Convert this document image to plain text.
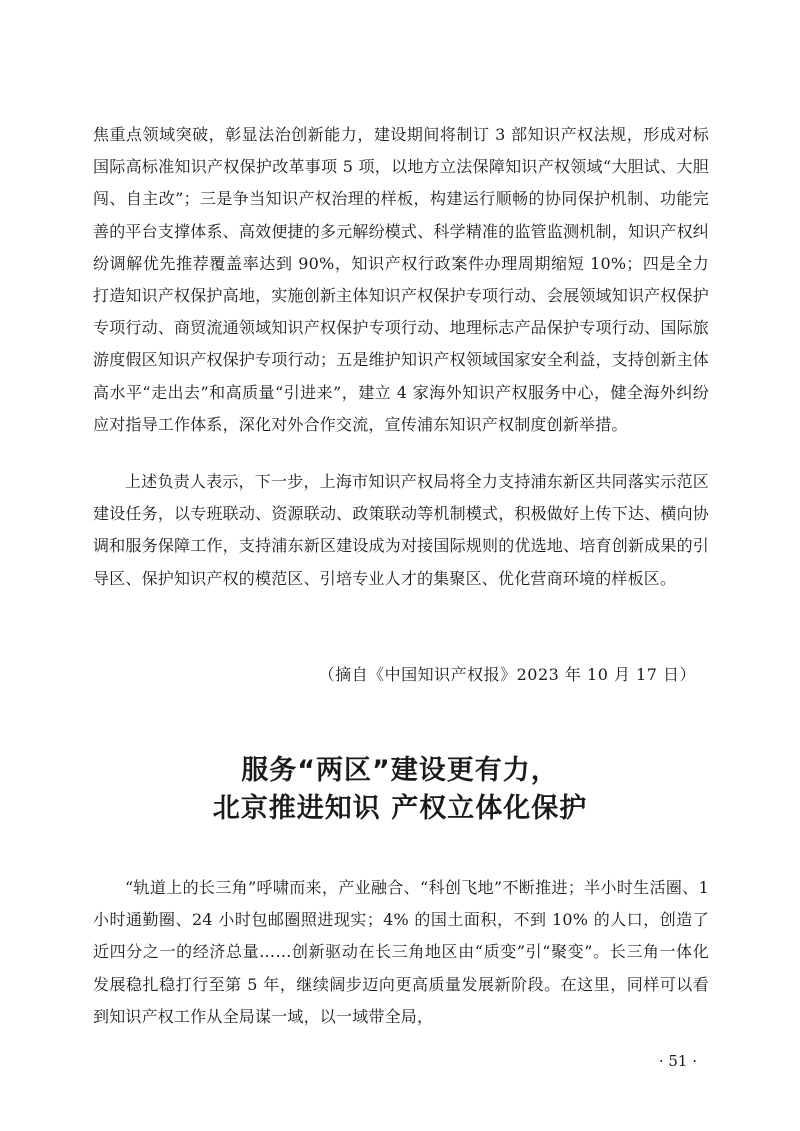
焦重点领域突破，彰显法治创新能力，建设期间将制订 3 部知识产权法规，形成对标国际高标准知识产权保护改革事项 5 项，以地方立法保障知识产权领域“大胆试、大胆闯、自主改”；三是争当知识产权治理的样板，构建运行顺畅的协同保护机制、功能完善的平台支撑体系、高效便捷的多元解纷模式、科学精准的监管监测机制，知识产权纠纷调解优先推荐覆盖率达到 90%，知识产权行政案件办理周期缩短 10%；四是全力打造知识产权保护高地，实施创新主体知识产权保护专项行动、会展领域知识产权保护专项行动、商贸流通领域知识产权保护专项行动、地理标志产品保护专项行动、国际旅游度假区知识产权保护专项行动；五是维护知识产权领域国家安全利益，支持创新主体高水平“走出去”和高质量“引进来”，建立 4 家海外知识产权服务中心，健全海外纠纷应对指导工作体系，深化对外合作交流，宣传浦东知识产权制度创新举措。

上述负责人表示，下一步，上海市知识产权局将全力支持浦东新区共同落实示范区建设任务，以专班联动、资源联动、政策联动等机制模式，积极做好上传下达、横向协调和服务保障工作，支持浦东新区建设成为对接国际规则的优选地、培育创新成果的引导区、保护知识产权的模范区、引培专业人才的集聚区、优化营商环境的样板区。

（摘自《中国知识产权报》2023 年 10 月 17 日）

服务“两区”建设更有力，
北京推进知识 产权立体化保护

“轨道上的长三角”呼啸而来，产业融合、“科创飞地”不断推进；半小时生活圈、1 小时通勤圈、24 小时包邮圈照进现实；4% 的国土面积，不到 10% 的人口，创造了近四分之一的经济总量……创新驱动在长三角地区由“质变”引“聚变”。长三角一体化发展稳扎稳打行至第 5 年，继续阔步迈向更高质量发展新阶段。在这里，同样可以看到知识产权工作从全局谋一域，以一域带全局，

· 51 ·
